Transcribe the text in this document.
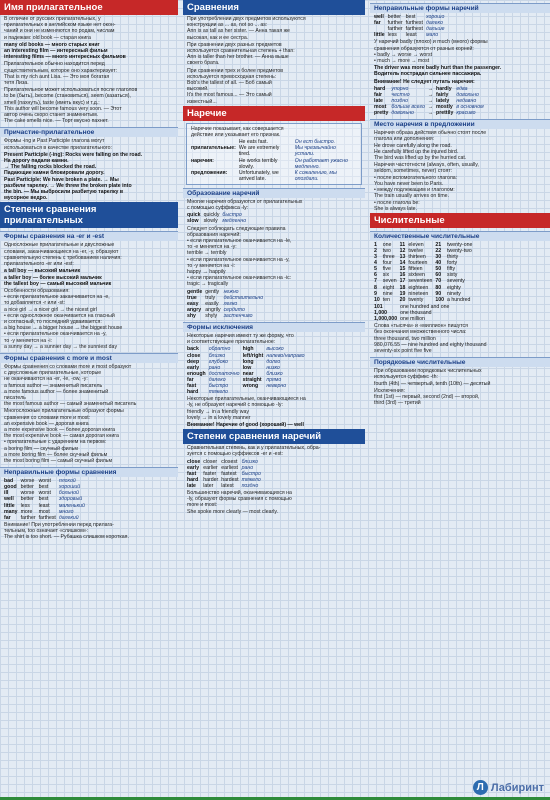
Имя прилагательное
В отличие от русских прилагательных, у
прилагательных в английском языке нет окон-
чаний и они не изменяются по родам, числам
и падежам: old book — старая книга
many old books — много старых книг
an interesting film — интересный фильм
interesting films — много интересных фильмов
Прилагательное обычно находится перед
существительным, которое оно характеризует:
That is my rich aunt Lisa. — Это моя богатая
тетя Лиза.
Прилагательное может использоваться после глаголов
to be (быть), become (становиться), seem (казаться),
smell (пахнуть), taste (иметь вкус) и т.д.:
This author will become famous very soon. — Этот
автор очень скоро станет знаменитым.
The cake smells nice. — Торт вкусно пахнет.
Причастие-прилагательное
Формы -ing и Past Participle глагола могут
использоваться в качестве прилагательного:
Present Participle (-ing): Rocks were falling on the road.
На дорогу падали камни.
→ The falling rocks blocked the road.
Падающие камни блокировали дорогу.
Past Participle: We have broken a plate. → Мы
разбили тарелку. → We threw the broken plate into
the bin. — Мы выбросили разбитую тарелку в
мусорное ведро.
Степени сравнения прилагательных
Формы сравнения на -er и -est
Односложные прилагательные и двусложные
словами, заканчивающиеся на -er, -y, образуют
сравнительную степень с требованием наличия:
прилагательного -er или -est:
a tall boy — высокий мальчик
a taller boy — более высокий мальчик
the tallest boy — самый высокий мальчик
Особенности образования:
• если прилагательное заканчивается на -e,
то добавляется -r или -st:
a nice girl → a nicer girl → the nicest girl
• если односложное оканчивается на гласный
и согласный, то последний удваивается:
a big house → a bigger house → the biggest house
• если прилагательное оканчивается на -y,
то -y меняется на -i:
a sunny day → a sunnier day → the sunniest day
Формы сравнения с more и most
Формы сравнения со словами more и most образуют
с двусложные прилагательные, которые
не оканчиваются на -er, -le, -ow, -y:
a famous author — знаменитый писатель
a more famous author — более знаменитый
писатель
the most famous author — самый знаменитый писатель
Многосложные прилагательные образуют формы
сравнения со словами more и most:
an expensive book — дорогая книга
a more expensive book — более дорогая книга
the most expensive book — самая дорогая книга
• прилагательные с ударением на первом:
a boring film — скучный фильм
a more boring film — более скучный фильм
the most boring film — самый скучный фильм
Неправильные формы сравнения
bad	worse	worst	плохой
good	better	best	хороший
ill	worse	worst	больной
well	better	best	здоровый
little	less	least	маленький
many	more	most	много
far	farther	farthest	далекий
Внимание! При употреблении перед прилага-
тельным, too означает «слишком»:
The shirt is too short. — Рубашка слишком короткая.
Сравнения
При употреблении двух предметов используются
конструкции as ... as, not so ... as:
Ann is as tall as her sister. — Анна такая же
высокая, как и ее сестра.
При сравнении двух разных предметов
используется сравнительная степень + than:
Ann is taller than her brother. — Анна выше
своего брата.
При сравнении трех и более предметов
используется превосходная степень:
Bob's the tallest of all. — Боб самый
высокий.
It's the most famous... — Это самый
известный...
Наречие
Наречие показывает, как совершается
действие или указывает его признак.
	He eats fast.	Он ест быстро.
прилагательные:	We are extremely tired.	Мы чрезвычайно устали.
наречия:	He works terribly slowly.	Он работает ужасно медленно.
предложения:	Unfortunately, we arrived late.	К сожалению, мы опоздали.
Образование наречий
Многие наречия образуются от прилагательных
с помощью суффикса -ly:
quick	quickly	быстро
slow	slowly	медленно
Следует соблюдать следующие правила
образования наречий:
• если прилагательное оканчивается на -le,
то -e меняется на -y:
terrible → terribly
• если прилагательное оканчивается на -y,
то -y меняется на -i:
happy → happily
• если прилагательное оканчивается на -ic:
tragic → tragically
gentle	gently	нежно
true	truly	действительно
easy	easily	легко
angry	angrily	сердито
shy	shyly	застенчиво
Формы исключения
Некоторые наречия имеют ту же форму, что
и соответствующее прилагательное:
back	обратно	high	высоко
close	близко	left/right	налево/направо
deep	глубоко	long	долго
early	рано	low	низко
enough	достаточно	near	близко
far	далеко	straight	прямо
fast	быстро	wrong	неверно
hard	тяжело		
Некоторые прилагательные, оканчивающиеся на
-ly, не образуют наречий с помощью -ly:
friendly → in a friendly way
lovely → in a lovely manner
Внимание! Наречие of good (хороший) — well
Степени сравнения наречий
Сравнительная степень, как и у прилагательных, обра-
зуется с помощью суффиксов -er и -est:
close	closer	closest	близко
early	earlier	earliest	рано
fast	faster	fastest	быстро
hard	harder	hardest	тяжело
late	later	latest	поздно
Большинство наречий, оканчивающихся на
-ly, образуют формы сравнения с помощью
more и most:
She spoke more clearly — most clearly.
Неправильные формы наречий
well	better	best	хорошо
far	further	furthest	далеко
	farther	farthest	дальше
little	less	least	мало
У наречий badly (плохо) и much (много) формы
сравнения образуются от разных корней:
• badly → worse → worst
• much → more → most
The driver was more badly hurt than the passenger.
Водитель пострадал сильнее пассажира.
Внимание! Не следует путать наречия:
hard	упорно	→	hardly	едва
fair	честно	→	fairly	довольно
late	поздно	→	lately	недавно
most	больше всего	→	mostly	в основном
pretty	довольно	→	prettily	красиво
Место наречия в предложении
Наречия образа действия обычно стоят после
глагола или дополнения:
He drove carefully along the road.
He carefully lifted up the injured bird.
The bird was lifted up by the hurried cat.
Наречия частотности (always, often, usually,
seldom, sometimes, never) стоят:
• после вспомогательного глагола:
You have never been to Paris.
• между подлежащим и глаголом:
The train usually arrives on time.
• после глагола be:
She is always late.
Числительные
Количественные числительные
1	one	11	eleven	21	twenty-one
2	two	12	twelve	22	twenty-two
3	three	13	thirteen	30	thirty
4	four	14	fourteen	40	forty
5	five	15	fifteen	50	fifty
6	six	16	sixteen	60	sixty
7	seven	17	seventeen	70	seventy
8	eight	18	eighteen	80	eighty
9	nine	19	nineteen	90	ninety
10	ten	20	twenty	100	a hundred
101	one hundred and one
1,000	one thousand
1,000,000	one million
Слова «тысяча» и «миллион» пишутся
без окончания множественного числа:
three thousand, two million
980,076.55 — nine hundred and eighty thousand
seventy-six point five five
Порядковые числительные
При образовании порядковых числительных
используется суффикс -th:
fourth (4th) — четвертый, tenth (10th) — десятый
Исключения:
first (1st) — первый, second (2nd) — второй,
third (3rd) — третий
Л Лабиринт
